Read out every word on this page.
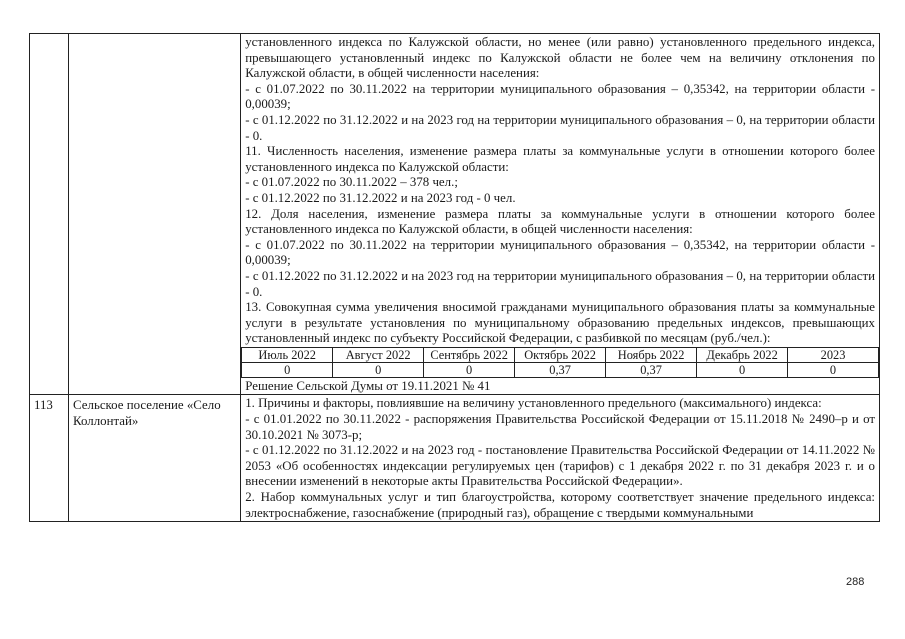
установленного индекса по Калужской области, но менее (или равно) установленного предельного индекса, превышающего установленный индекс по Калужской области не более чем на величину отклонения по Калужской области, в общей численности населения:

- с 01.07.2022 по 30.11.2022 на территории муниципального образования – 0,35342, на территории области - 0,00039;

- с 01.12.2022 по 31.12.2022 и на 2023 год на территории муниципального образования – 0, на территории области - 0.

11. Численность населения, изменение размера платы за коммунальные услуги в отношении которого более установленного индекса по Калужской области:

- с 01.07.2022 по 30.11.2022 – 378 чел.;

- с 01.12.2022 по 31.12.2022 и на 2023 год - 0 чел.

12. Доля населения, изменение размера платы за коммунальные услуги в отношении которого более установленного индекса по Калужской области, в общей численности населения:

- с 01.07.2022 по 30.11.2022 на территории муниципального образования – 0,35342, на территории области - 0,00039;

- с 01.12.2022 по 31.12.2022 и на 2023 год на территории муниципального образования – 0, на территории области - 0.

13. Совокупная сумма увеличения вносимой гражданами муниципального образования платы за коммунальные услуги в результате установления по муниципальному образованию предельных индексов, превышающих установленный индекс по субъекту Российской Федерации, с разбивкой по месяцам (руб./чел.):

Июль 2022	Август 2022	Сентябрь 2022	Октябрь 2022	Ноябрь 2022	Декабрь 2022	2023
0	0	0	0,37	0,37	0	0

Решение Сельской Думы от 19.11.2021 № 41

113	Сельское поселение «Село Коллонтай»

1. Причины и факторы, повлиявшие на величину установленного предельного (максимального) индекса:

- с 01.01.2022 по 30.11.2022 - распоряжения Правительства Российской Федерации от 15.11.2018 № 2490–р и от 30.10.2021 № 3073-р;

- с 01.12.2022 по 31.12.2022 и на 2023 год - постановление Правительства Российской Федерации от 14.11.2022 № 2053 «Об особенностях индексации регулируемых цен (тарифов) с 1 декабря 2022 г. по 31 декабря 2023 г. и о внесении изменений в некоторые акты Правительства Российской Федерации».

2. Набор коммунальных услуг и тип благоустройства, которому соответствует значение предельного индекса: электроснабжение, газоснабжение (природный газ), обращение с твердыми коммунальными

288
